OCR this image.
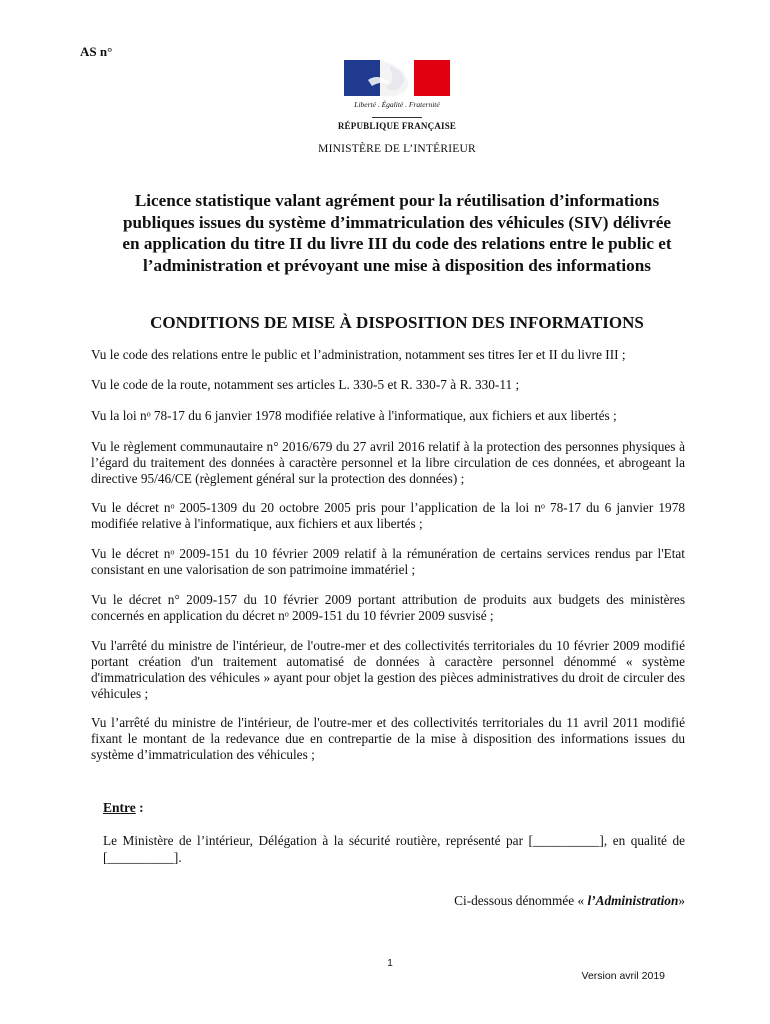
AS n°
Liberté . Égalité . Fraternité
RÉPUBLIQUE FRANÇAISE
MINISTÈRE DE L’INTÉRIEUR
Licence statistique valant agrément pour la réutilisation d’informations
publiques issues du système d’immatriculation des véhicules (SIV) délivrée
en application du titre II du livre III du code des relations entre le public et
l’administration et prévoyant une mise à disposition des informations
CONDITIONS DE MISE À DISPOSITION DES INFORMATIONS
Vu le code des relations entre le public et l’administration, notamment ses titres Ier et II du livre III ;
Vu le code de la route, notamment ses articles L. 330-5 et R. 330-7 à R. 330-11 ;
Vu la loi nᵒ 78-17 du 6 janvier 1978 modifiée relative à l'informatique, aux fichiers et aux libertés ;
Vu le règlement communautaire n° 2016/679 du 27 avril 2016 relatif à la protection des personnes physiques à l’égard du traitement des données à caractère personnel et la libre circulation de ces données, et abrogeant la directive 95/46/CE (règlement général sur la protection des données) ;
Vu le décret nᵒ 2005-1309 du 20 octobre 2005 pris pour l’application de la loi nᵒ 78-17 du 6 janvier 1978 modifiée relative à l'informatique, aux fichiers et aux libertés ;
Vu le décret nᵒ 2009-151 du 10 février 2009 relatif à la rémunération de certains services rendus par l'Etat consistant en une valorisation de son patrimoine immatériel ;
Vu le décret n° 2009-157 du 10 février 2009 portant attribution de produits aux budgets des ministères concernés en application du décret nᵒ 2009-151 du 10 février 2009 susvisé ;
Vu l'arrêté du ministre de l'intérieur, de l'outre-mer et des collectivités territoriales du 10 février 2009 modifié portant création d'un traitement automatisé de données à caractère personnel dénommé « système d'immatriculation des véhicules » ayant pour objet la gestion des pièces administratives du droit de circuler des véhicules ;
Vu l’arrêté du ministre de l'intérieur, de l'outre-mer et des collectivités territoriales du 11 avril 2011 modifié fixant le montant de la redevance due en contrepartie de la mise à disposition des informations issues du système d’immatriculation des véhicules ;
Entre :
Le Ministère de l’intérieur, Délégation à la sécurité routière, représenté par [__________], en qualité de [__________].
Ci-dessous dénommée « l’Administration»
1
Version avril 2019
